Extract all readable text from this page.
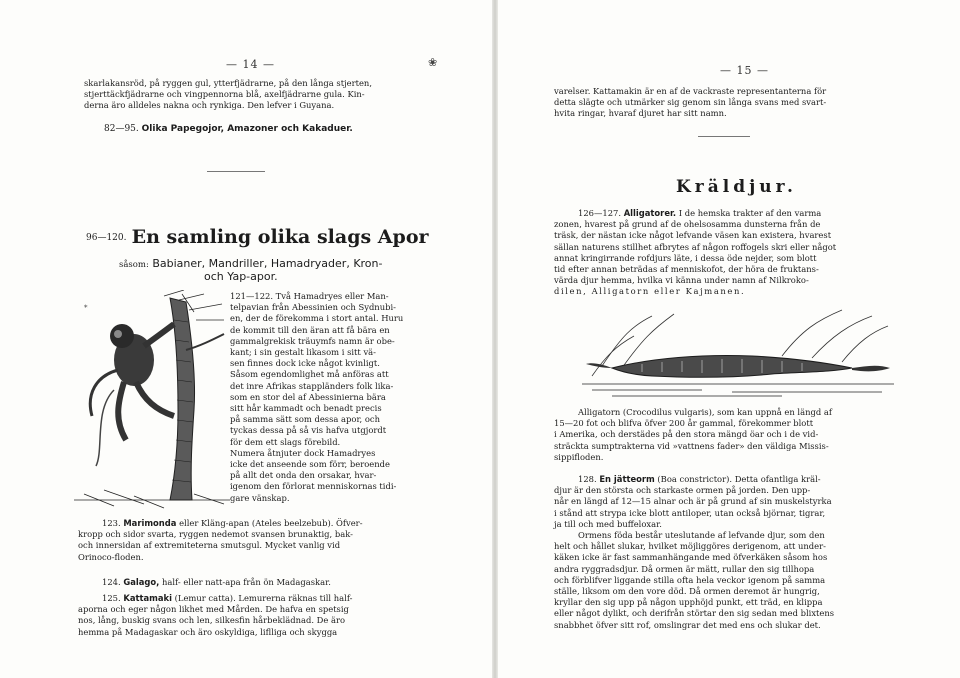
— 14 —	❀

skarlakansröd, på ryggen gul, ytterfjädrarne, på den långa stjerten,

stjerttäckfjädrarne och vingpennorna blå, axelfjädrarne gula. Kin-

derna äro alldeles nakna och rynkiga. Den lefver i Guyana.

82—95. Olika Papegojor, Amazoner och Kakaduer.
96—120. En samling olika slags Apor
såsom: Babianer, Mandriller, Hamadryader, Kron-
och Yap-apor.
*

121—122. Två Hamadryes eller Man-

telpavian från Abessinien och Sydnubi-

en, der de förekomma i stort antal. Huru

de kommit till den äran att få bära en

gammalgrekisk träuymfs namn är obe-

kant; i sin gestalt likasom i sitt vä-

sen finnes dock icke något kvinligt.

Såsom egendomlighet må anföras att

det inre Afrikas stappländers folk lika-

som en stor del af Abessinierna bära

sitt hår kammadt och benadt precis

på samma sätt som dessa apor, och

tyckas dessa på så vis hafva utgjordt

för dem ett slags förebild.

Numera åtnjuter dock Hamadryes

icke det anseende som förr, beroende

på allt det onda den orsakar, hvar-

igenom den förlorat menniskornas tidi-

gare vänskap.

123. Marimonda eller Kläng-apan (Ateles beelzebub). Öfver-

kropp och sidor svarta, ryggen nedemot svansen brunaktig, bak-

och innersidan af extremiteterna smutsgul. Mycket vanlig vid

Orinoco-floden.

124. Galago, half- eller natt-apa från ön Madagaskar.

125. Kattamaki (Lemur catta). Lemurerna räknas till half-

aporna och eger någon likhet med Mården. De hafva en spetsig

nos, lång, buskig svans och len, silkesfin hårbeklädnad. De äro

hemma på Madagaskar och äro oskyldiga, liflliga och skygga

— 15 —

varelser. Kattamakin är en af de vackraste representanterna för

detta slägte och utmärker sig genom sin långa svans med svart-

hvita ringar, hvaraf djuret har sitt namn.

Kräldjur.

126—127. Alligatorer. I de hemska trakter af den varma

zonen, hvarest på grund af de ohelsosamma dunsterna från de

träsk, der nästan icke något lefvande väsen kan existera, hvarest

sällan naturens stillhet afbrytes af någon roffogels skri eller något

annat kringirrande rofdjurs läte, i dessa öde nejder, som blott

tid efter annan beträdas af menniskofot, der höra de fruktans-

värda djur hemma, hvilka vi känna under namn af Nilkroko-

dilen, Alligatorn eller Kajmanen.

Alligatorn (Crocodilus vulgaris), som kan uppnå en längd af

15—20 fot och blifva öfver 200 år gammal, förekommer blott

i Amerika, och derstädes på den stora mängd öar och i de vid-

sträckta sumptrakterna vid »vattnens fader» den väldiga Missis-

sippifloden.

128. En jätteorm (Boa constrictor). Detta ofantliga kräl-

djur är den största och starkaste ormen på jorden. Den upp-

når en längd af 12—15 alnar och är på grund af sin muskelstyrka

i stånd att strypa icke blott antiloper, utan också björnar, tigrar,

ja till och med buffeloxar.

Ormens föda består uteslutande af lefvande djur, som den

helt och hållet slukar, hvilket möjliggöres derigenom, att under-

käken icke är fast sammanhängande med öfverkäken såsom hos

andra ryggradsdjur. Då ormen är mätt, rullar den sig tillhopa

och förblifver liggande stilla ofta hela veckor igenom på samma

ställe, liksom om den vore död. Då ormen deremot är hungrig,

kryllar den sig upp på någon upphöjd punkt, ett träd, en klippa

eller något dylikt, och derifrån störtar den sig sedan med blixtens

snabbhet öfver sitt rof, omslingrar det med ens och slukar det.
